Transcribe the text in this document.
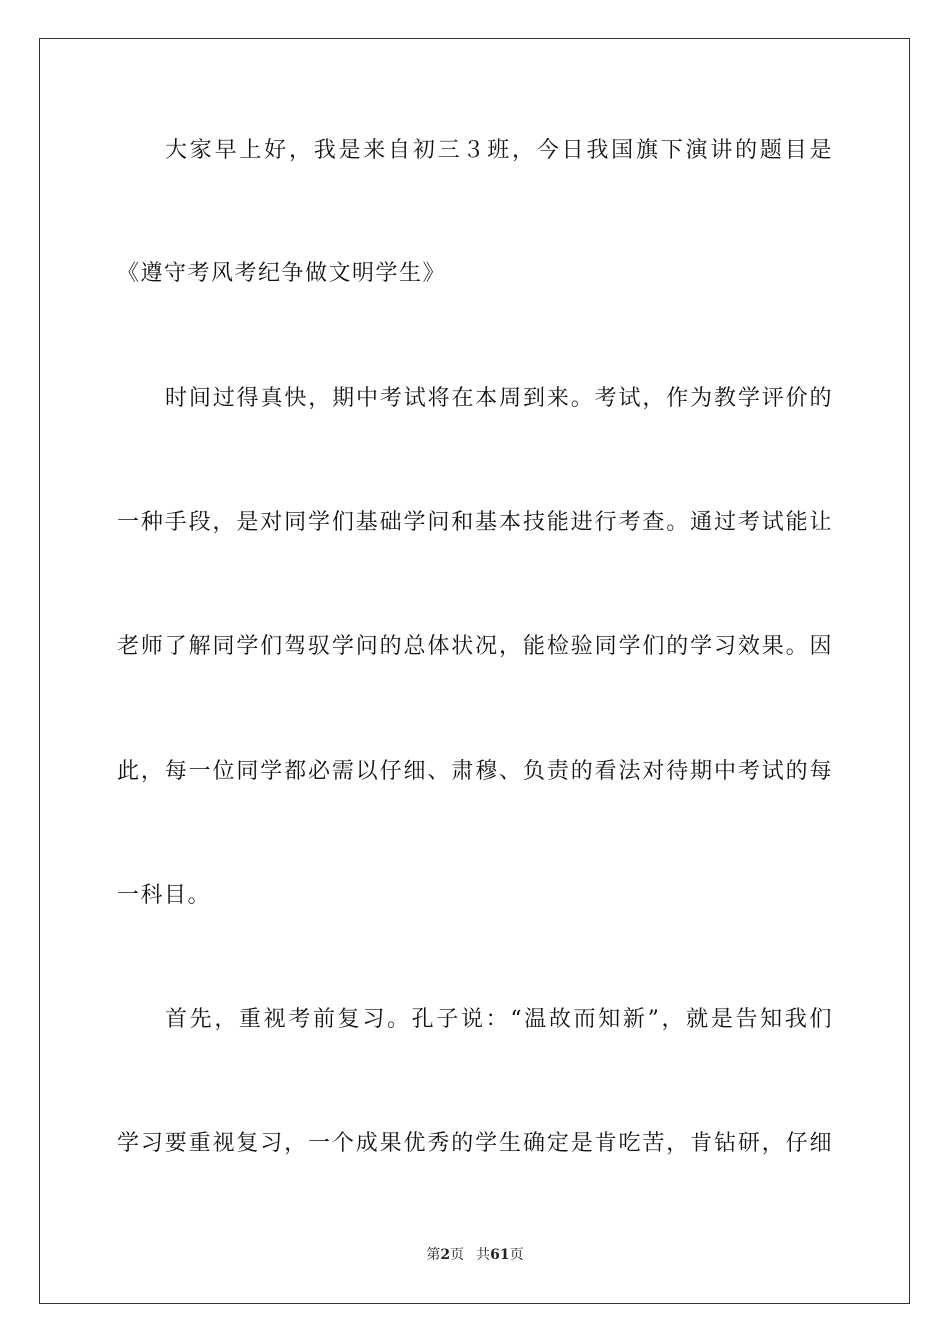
大家早上好，我是来自初三３班，今日我国旗下演讲的题目是
《遵守考风考纪争做文明学生》
时间过得真快，期中考试将在本周到来。考试，作为教学评价的
一种手段，是对同学们基础学问和基本技能进行考查。通过考试能让
老师了解同学们驾驭学问的总体状况，能检验同学们的学习效果。因
此，每一位同学都必需以仔细、肃穆、负责的看法对待期中考试的每
一科目。
首先，重视考前复习。孔子说：“温故而知新”，就是告知我们
学习要重视复习，一个成果优秀的学生确定是肯吃苦，肯钻研，仔细
第2页 共61页
